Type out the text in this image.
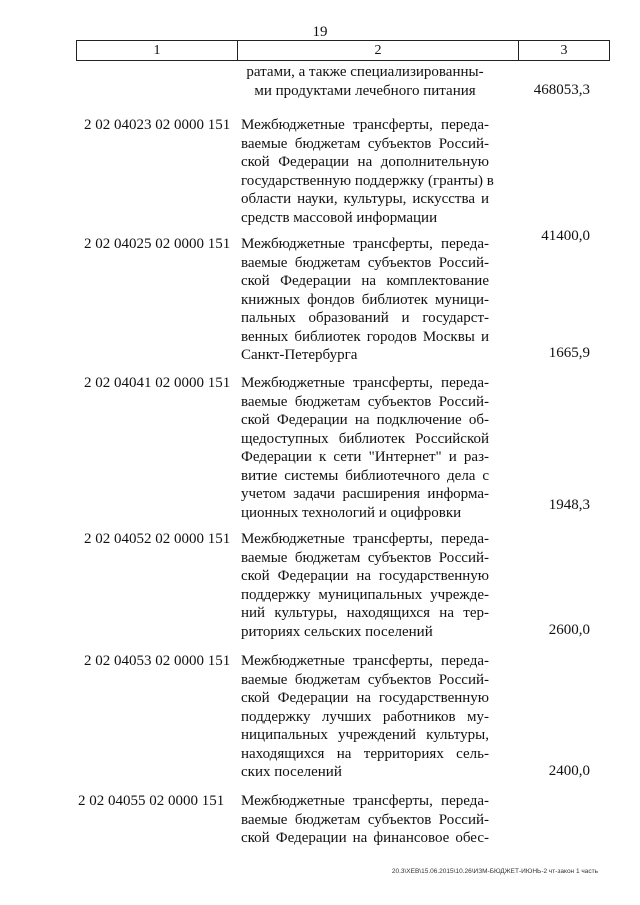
19
1	2	3
ратами, а также специализированны-
ми продуктами лечебного питания	468053,3
2 02 04023 02 0000 151 Межбюджетные трансферты, переда-
ваемые бюджетам субъектов Россий-
ской Федерации на дополнительную
государственную поддержку (гранты) в
области науки, культуры, искусства и
средств массовой информации
41400,0
2 02 04025 02 0000 151 Межбюджетные трансферты, переда-
ваемые бюджетам субъектов Россий-
ской Федерации на комплектование
книжных фондов библиотек муници-
пальных образований и государст-
венных библиотек городов Москвы и
Санкт-Петербурга	1665,9
2 02 04041 02 0000 151 Межбюджетные трансферты, переда-
ваемые бюджетам субъектов Россий-
ской Федерации на подключение об-
щедоступных библиотек Российской
Федерации к сети "Интернет" и раз-
витие системы библиотечного дела с
учетом задачи расширения информа-
ционных технологий и оцифровки	1948,3
2 02 04052 02 0000 151 Межбюджетные трансферты, переда-
ваемые бюджетам субъектов Россий-
ской Федерации на государственную
поддержку муниципальных учрежде-
ний культуры, находящихся на тер-
риториях сельских поселений	2600,0
2 02 04053 02 0000 151 Межбюджетные трансферты, переда-
ваемые бюджетам субъектов Россий-
ской Федерации на государственную
поддержку лучших работников му-
ниципальных учреждений культуры,
находящихся на территориях сель-
ских поселений	2400,0
2 02 04055 02 0000 151	Межбюджетные трансферты, переда-
ваемые бюджетам субъектов Россий-
ской Федерации на финансовое обес-
20.3\XEB\15.06.2015\10.26\ИЗМ-БЮДЖЕТ-ИЮНЬ-2 чт-закон 1 часть
